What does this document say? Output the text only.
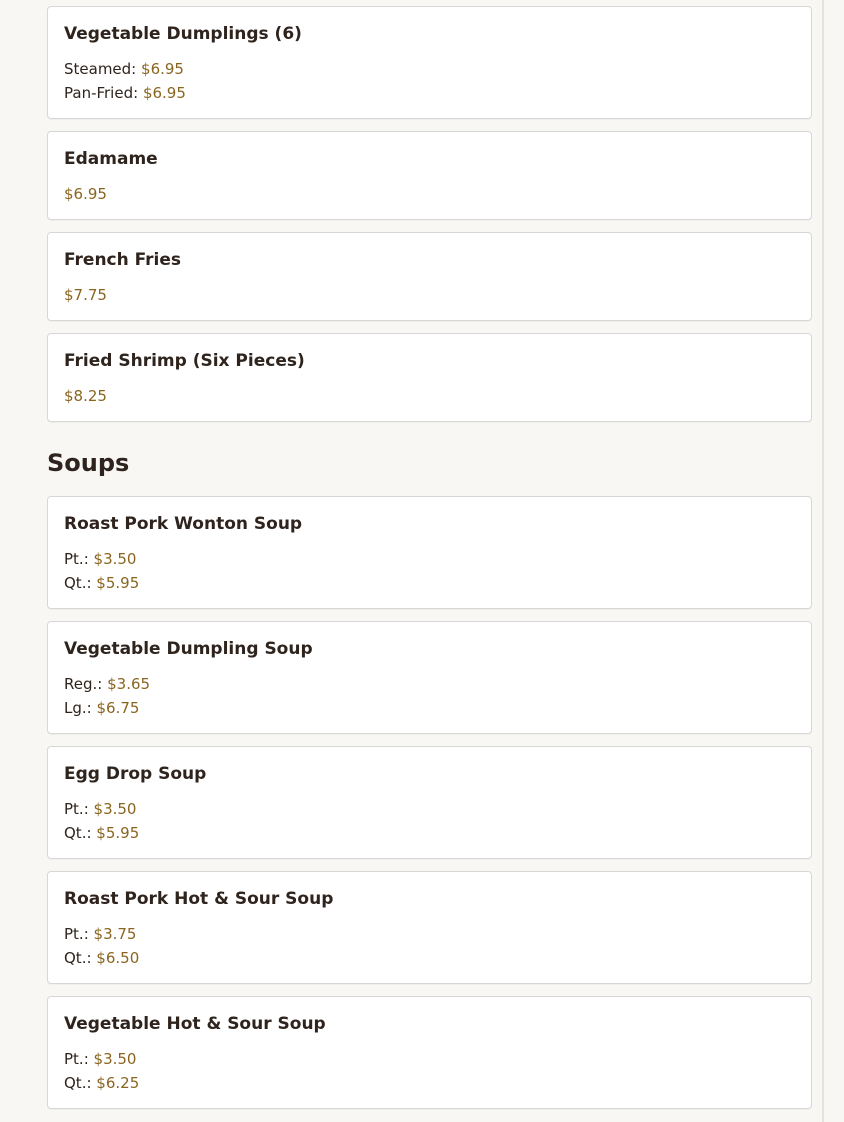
Vegetable Dumplings (6)
Steamed: $6.95
Pan-Fried: $6.95
Edamame
$6.95
French Fries
$7.75
Fried Shrimp (Six Pieces)
$8.25
Soups
Roast Pork Wonton Soup
Pt.: $3.50
Qt.: $5.95
Vegetable Dumpling Soup
Reg.: $3.65
Lg.: $6.75
Egg Drop Soup
Pt.: $3.50
Qt.: $5.95
Roast Pork Hot & Sour Soup
Pt.: $3.75
Qt.: $6.50
Vegetable Hot & Sour Soup
Pt.: $3.50
Qt.: $6.25
